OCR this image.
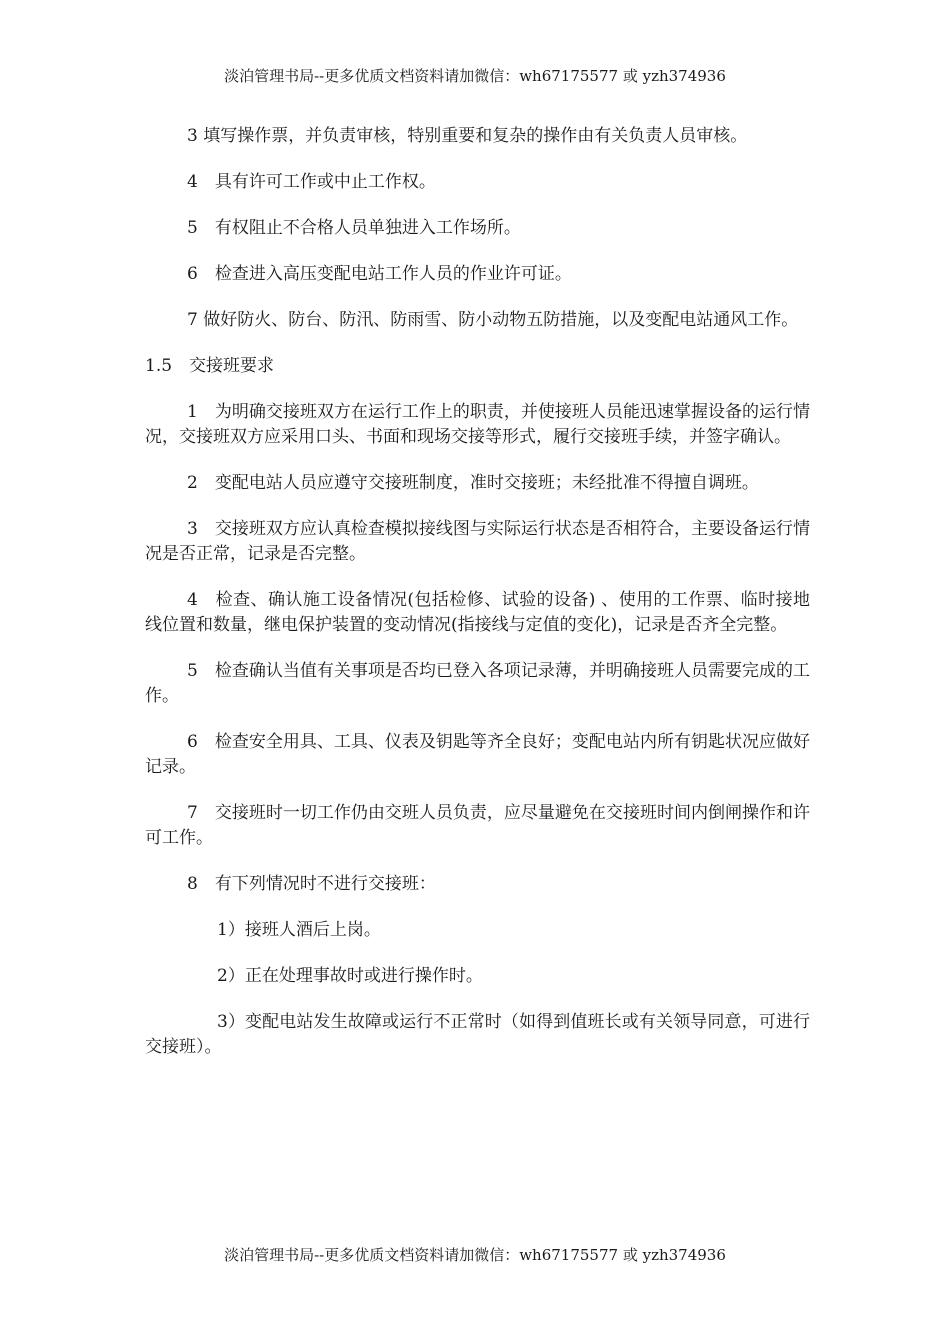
淡泊管理书局--更多优质文档资料请加微信：wh67175577 或 yzh374936

3 填写操作票，并负责审核，特别重要和复杂的操作由有关负责人员审核。

4　具有许可工作或中止工作权。

5　有权阻止不合格人员单独进入工作场所。

6　检查进入高压变配电站工作人员的作业许可证。

7 做好防火、防台、防汛、防雨雪、防小动物五防措施，以及变配电站通风工作。

1.5　交接班要求

1　为明确交接班双方在运行工作上的职责，并使接班人员能迅速掌握设备的运行情况，交接班双方应采用口头、书面和现场交接等形式，履行交接班手续，并签字确认。

2　变配电站人员应遵守交接班制度，准时交接班；未经批准不得擅自调班。

3　交接班双方应认真检查模拟接线图与实际运行状态是否相符合，主要设备运行情况是否正常，记录是否完整。

4　检查、确认施工设备情况(包括检修、试验的设备) 、使用的工作票、临时接地线位置和数量，继电保护装置的变动情况(指接线与定值的变化)，记录是否齐全完整。

5　检查确认当值有关事项是否均已登入各项记录薄，并明确接班人员需要完成的工作。

6　检查安全用具、工具、仪表及钥匙等齐全良好；变配电站内所有钥匙状况应做好记录。

7　交接班时一切工作仍由交班人员负责，应尽量避免在交接班时间内倒闸操作和许可工作。

8　有下列情况时不进行交接班：

1）接班人酒后上岗。

2）正在处理事故时或进行操作时。

3）变配电站发生故障或运行不正常时（如得到值班长或有关领导同意，可进行交接班）。

淡泊管理书局--更多优质文档资料请加微信：wh67175577 或 yzh374936
